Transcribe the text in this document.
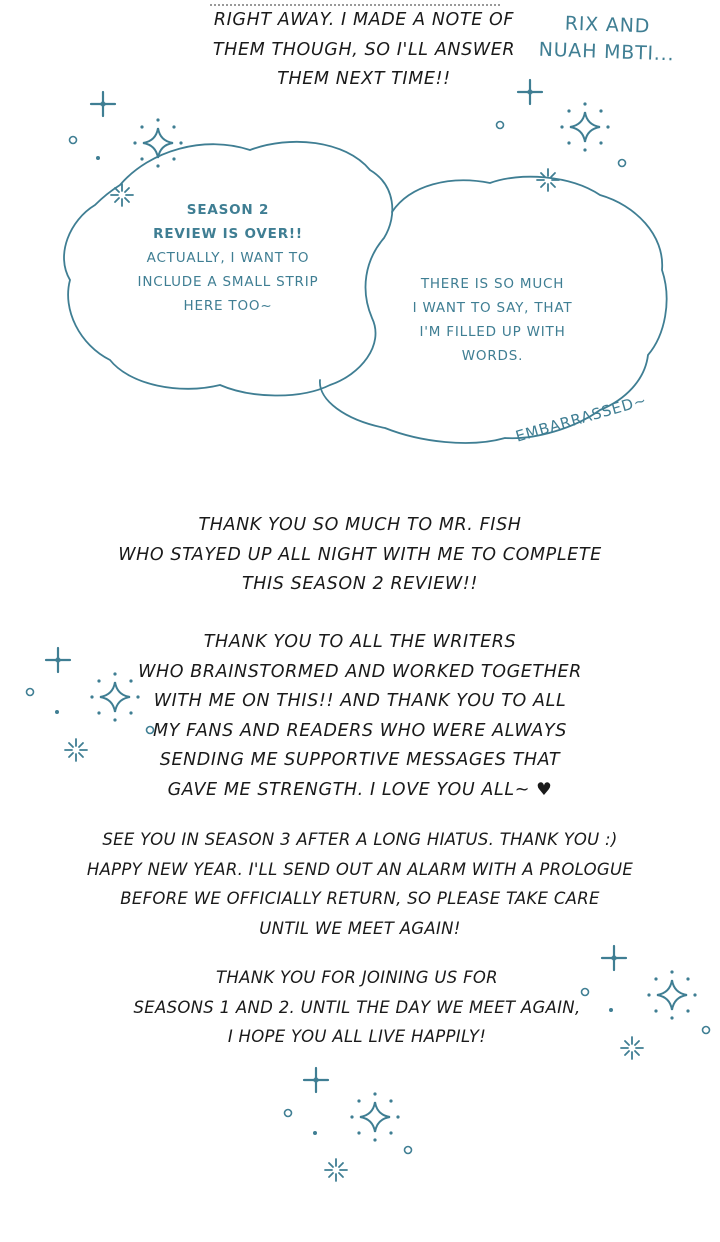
RIGHT AWAY. I MADE A NOTE OF
THEM THOUGH, SO I'LL ANSWER
THEM NEXT TIME!!
RIX AND
NUAH MBTI...
SEASON 2
REVIEW IS OVER!!
ACTUALLY, I WANT TO
INCLUDE A SMALL STRIP
HERE TOO~
THERE IS SO MUCH
I WANT TO SAY, THAT
I'M FILLED UP WITH
WORDS.
EMBARRASSED~
THANK YOU SO MUCH TO MR. FISH
WHO STAYED UP ALL NIGHT WITH ME TO COMPLETE
THIS SEASON 2 REVIEW!!
THANK YOU TO ALL THE WRITERS
WHO BRAINSTORMED AND WORKED TOGETHER
WITH ME ON THIS!! AND THANK YOU TO ALL
MY FANS AND READERS WHO WERE ALWAYS
SENDING ME SUPPORTIVE MESSAGES THAT
GAVE ME STRENGTH. I LOVE YOU ALL~ ♥
SEE YOU IN SEASON 3 AFTER A LONG HIATUS. THANK YOU :)
HAPPY NEW YEAR. I'LL SEND OUT AN ALARM WITH A PROLOGUE
BEFORE WE OFFICIALLY RETURN, SO PLEASE TAKE CARE
UNTIL WE MEET AGAIN!
THANK YOU FOR JOINING US FOR
SEASONS 1 AND 2. UNTIL THE DAY WE MEET AGAIN,
I HOPE YOU ALL LIVE HAPPILY!
